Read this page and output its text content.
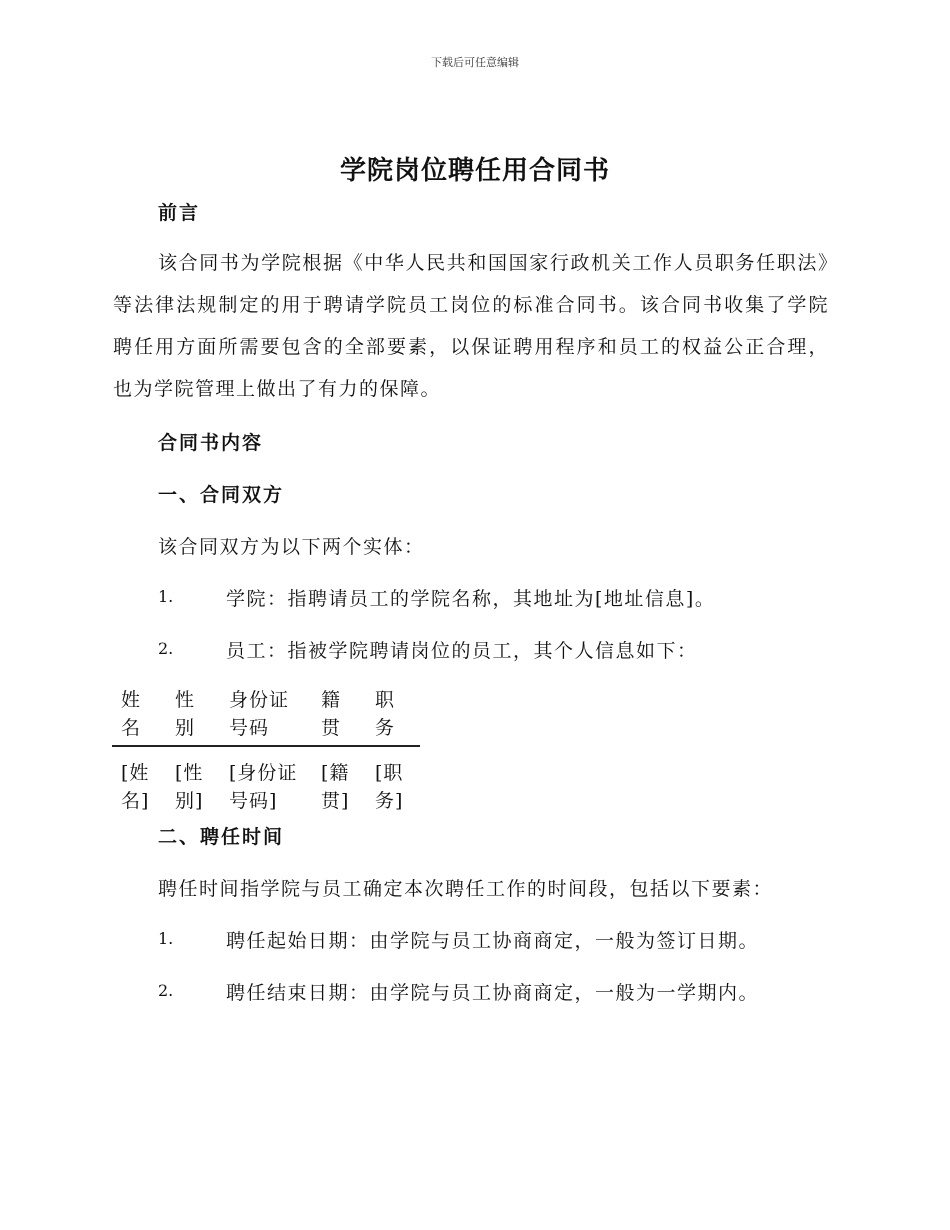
下载后可任意编辑
学院岗位聘任用合同书
前言

该合同书为学院根据《中华人民共和国国家行政机关工作人员职务任职法》等法律法规制定的用于聘请学院员工岗位的标准合同书。该合同书收集了学院聘任用方面所需要包含的全部要素，以保证聘用程序和员工的权益公正合理，也为学院管理上做出了有力的保障。

合同书内容
一、合同双方
该合同双方为以下两个实体：
1.	学院：指聘请员工的学院名称，其地址为[地址信息]。
2.	员工：指被学院聘请岗位的员工，其个人信息如下：
姓名	性别	身份证号码	籍贯	职务
[姓名]	[性别]	[身份证号码]	[籍贯]	[职务]
二、聘任时间
聘任时间指学院与员工确定本次聘任工作的时间段，包括以下要素：
1.	聘任起始日期：由学院与员工协商商定，一般为签订日期。
2.	聘任结束日期：由学院与员工协商商定，一般为一学期内。
